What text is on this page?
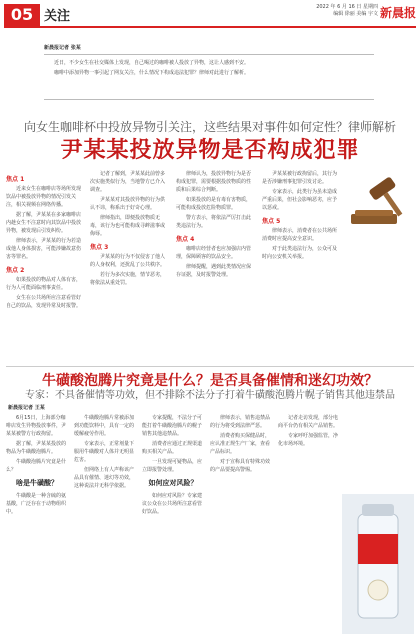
05 关注
2022 年 6 月 16 日 星期四
编辑 徐丽 美编 宇文 新晨报
新晨报记者 张某

近日，不少女生在社交媒体上发现，自己喝过的咖啡被人投放了异物，这让人感到不安。

咖啡中添加异物一事引起了网友关注，什么情况下构成违法犯罪？律师对此进行了解析。

向女生咖啡杯中投放异物引关注，这些结果对事件如何定性？律师解析
尹某某投放异物是否构成犯罪
焦点 1

近来女生在咖啡店等场所发现饮品中被投放异物的情况引发关注，相关视频在网络传播。

据了解，尹某某在多家咖啡店内趁女生不注意时向其饮品中投放异物，被发现后引发纠纷。

律师表示，尹某某的行为若造成他人身体损害，可能涉嫌故意伤害等罪名。

焦点 2

如果投放的物品对人体有害，行为人可能面临刑事责任。

女生在公共场所应注意看管好自己的饮品，发现异常及时报警。

记者了解到，尹某某此前曾多次实施类似行为，当地警方已介入调查。

尹某某对其投放异物的行为供认不讳，称系出于好奇心理。

律师指出，即便投放物质无毒，该行为也可能构成寻衅滋事或侮辱。

焦点 3

尹某某的行为不仅侵害了他人的人身权利，还扰乱了公共秩序。

若行为多次实施，情节恶劣，将依法从重处罚。

律师认为，投放异物行为是否构成犯罪，需要根据投放物质的性质和后果综合判断。

如果投放的是有毒有害物质，可能构成投放危险物质罪。

警方表示，将依法严厉打击此类违法行为。

焦点 4

咖啡店经营者也应加强店内管理，保障顾客的饮品安全。

律师提醒，遇到此类情况应保存证据，及时报警处理。

尹某某被行政拘留后，其行为是否涉嫌刑事犯罪引发讨论。

专家表示，此类行为虽未造成严重后果，但社会影响恶劣，应予以惩戒。

焦点 5

律师表示，消费者在公共场所消费时应提高安全意识。

对于此类违法行为，公众可及时向公安机关举报。

牛磺酸泡腾片究竟是什么？是否具备催情和迷幻功效？
专家：不具备催情等功效，但不排除不法分子打着牛磺酸泡腾片幌子销售其他违禁品
新晨报记者 王某

6月15日，上海部分咖啡店发生异物投放事件，尹某某被警方行政拘留。

据了解，尹某某投放的物品为牛磺酸泡腾片。

牛磺酸泡腾片究竟是什么？

啥是牛磺酸？

牛磺酸是一种含硫的氨基酸，广泛存在于动物组织中。

牛磺酸泡腾片常被添加到功能饮料中，具有一定的缓解疲劳作用。

专家表示，正常剂量下服用牛磺酸对人体并无明显危害。

但网络上有人声称该产品具有催情、迷幻等功效，这种说法并无科学依据。

专家提醒，不法分子可能打着牛磺酸泡腾片的幌子销售其他违禁品。

消费者应通过正规渠道购买相关产品。

一旦发现可疑物品，应立即报警处理。

如何应对风险？

如何应对风险？专家建议公众在公共场所注意看管好饮品。

律师表示，销售违禁品的行为将受到法律严惩。

消费者购买保健品时，应认准正规生产厂家，查看产品标识。

对于宣称具有特殊功效的产品要提高警惕。

记者走访发现，部分电商平台仍有相关产品销售。

专家呼吁加强监管，净化市场环境。
